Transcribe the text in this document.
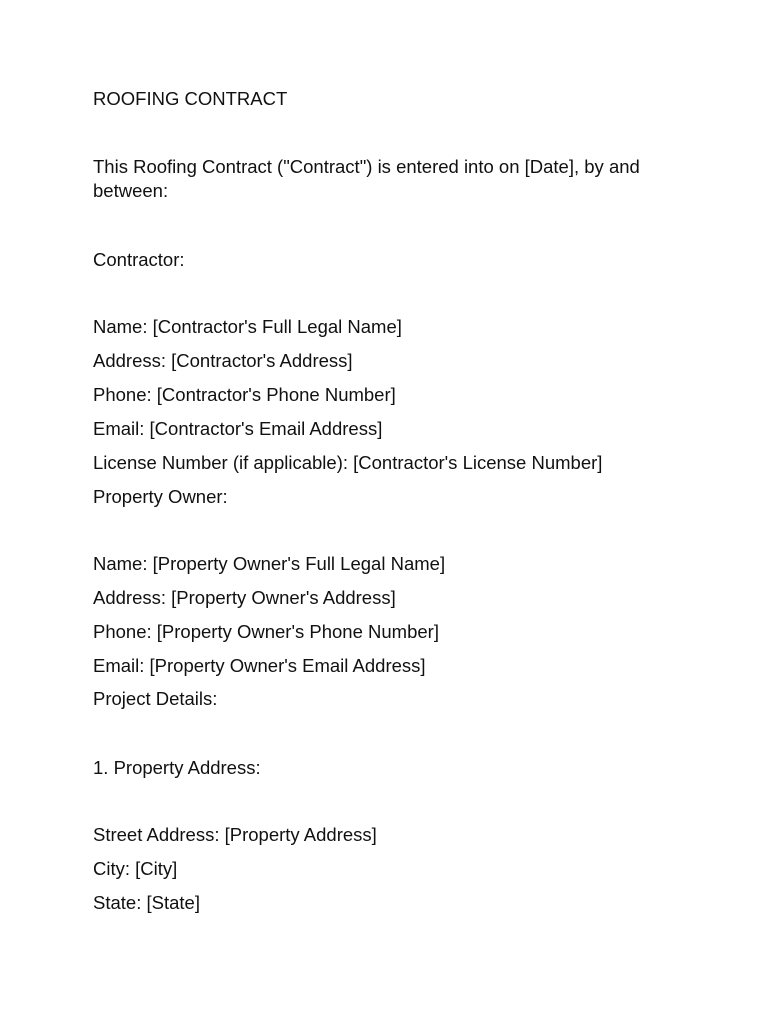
ROOFING CONTRACT

This Roofing Contract ("Contract") is entered into on [Date], by and between:

Contractor:

Name: [Contractor's Full Legal Name]

Address: [Contractor's Address]

Phone: [Contractor's Phone Number]

Email: [Contractor's Email Address]

License Number (if applicable): [Contractor's License Number]

Property Owner:

Name: [Property Owner's Full Legal Name]

Address: [Property Owner's Address]

Phone: [Property Owner's Phone Number]

Email: [Property Owner's Email Address]

Project Details:

1. Property Address:

Street Address: [Property Address]

City: [City]

State: [State]
